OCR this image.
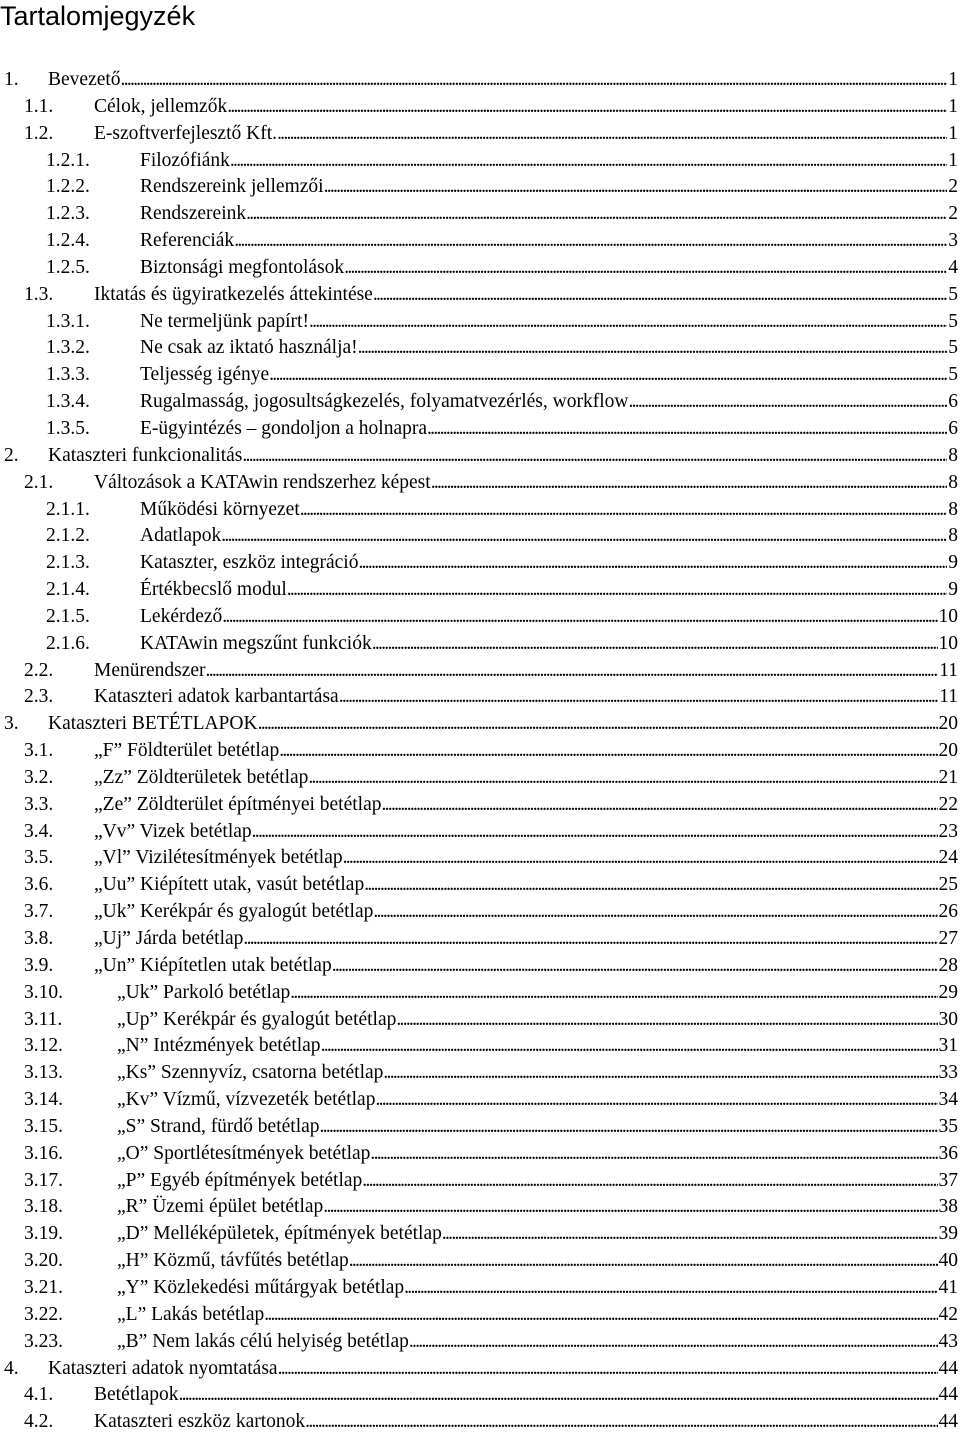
Tartalomjegyzék
1. Bevezető . . .	1
1.1. Célok, jellemzők . . .	1
1.2. E-szoftverfejlesztő Kft. . . .	1
1.2.1.	Filozófiánk . . .	1
1.2.2.	Rendszereink jellemzői . . .	2
1.2.3.	Rendszereink . . .	2
1.2.4.	Referenciák . . .	3
1.2.5.	Biztonsági megfontolások . . .	4
1.3. Iktatás és ügyiratkezelés áttekintése . . .	5
1.3.1.	Ne termeljünk papírt! . . .	5
1.3.2.	Ne csak az iktató használja! . . .	5
1.3.3.	Teljesség igénye . . .	5
1.3.4.	Rugalmasság, jogosultságkezelés, folyamatvezérlés, workflow . . .	6
1.3.5.	E-ügyintézés – gondoljon a holnapra . . .	6
2. Kataszteri funkcionalitás . . .	8
2.1. Változások a KATAwin rendszerhez képest . . .	8
2.1.1.	Működési környezet . . .	8
2.1.2.	Adatlapok . . .	8
2.1.3.	Kataszter, eszköz integráció . . .	9
2.1.4.	Értékbecslő modul . . .	9
2.1.5.	Lekérdező . . .	10
2.1.6.	KATAwin megszűnt funkciók . . .	10
2.2. Menürendszer . . .	11
2.3. Kataszteri adatok karbantartása . . .	11
3. Kataszteri BETÉTLAPOK . . .	20
3.1. „F” Földterület betétlap . . .	20
3.2. „Zz” Zöldterületek betétlap . . .	21
3.3. „Ze” Zöldterület építményei betétlap . . .	22
3.4. „Vv” Vizek betétlap . . .	23
3.5. „Vl” Vizilétesítmények betétlap . . .	24
3.6. „Uu” Kiépített utak, vasút betétlap . . .	25
3.7. „Uk” Kerékpár és gyalogút betétlap . . .	26
3.8. „Uj” Járda betétlap . . .	27
3.9. „Un” Kiépítetlen utak betétlap . . .	28
3.10.	„Uk” Parkoló betétlap . . .	29
3.11.	„Up” Kerékpár és gyalogút betétlap . . .	30
3.12.	„N” Intézmények betétlap . . .	31
3.13.	„Ks” Szennyvíz, csatorna betétlap . . .	33
3.14.	„Kv” Vízmű, vízvezeték betétlap . . .	34
3.15.	„S” Strand, fürdő betétlap . . .	35
3.16.	„O” Sportlétesítmények betétlap . . .	36
3.17.	„P” Egyéb építmények betétlap . . .	37
3.18.	„R” Üzemi épület betétlap . . .	38
3.19.	„D” Melléképületek, építmények betétlap . . .	39
3.20.	„H” Közmű, távfűtés betétlap . . .	40
3.21.	„Y” Közlekedési műtárgyak betétlap . . .	41
3.22.	„L” Lakás betétlap . . .	42
3.23.	„B” Nem lakás célú helyiség betétlap . . .	43
4. Kataszteri adatok nyomtatása . . .	44
4.1. Betétlapok . . .	44
4.2. Kataszteri eszköz kartonok . . .	44
